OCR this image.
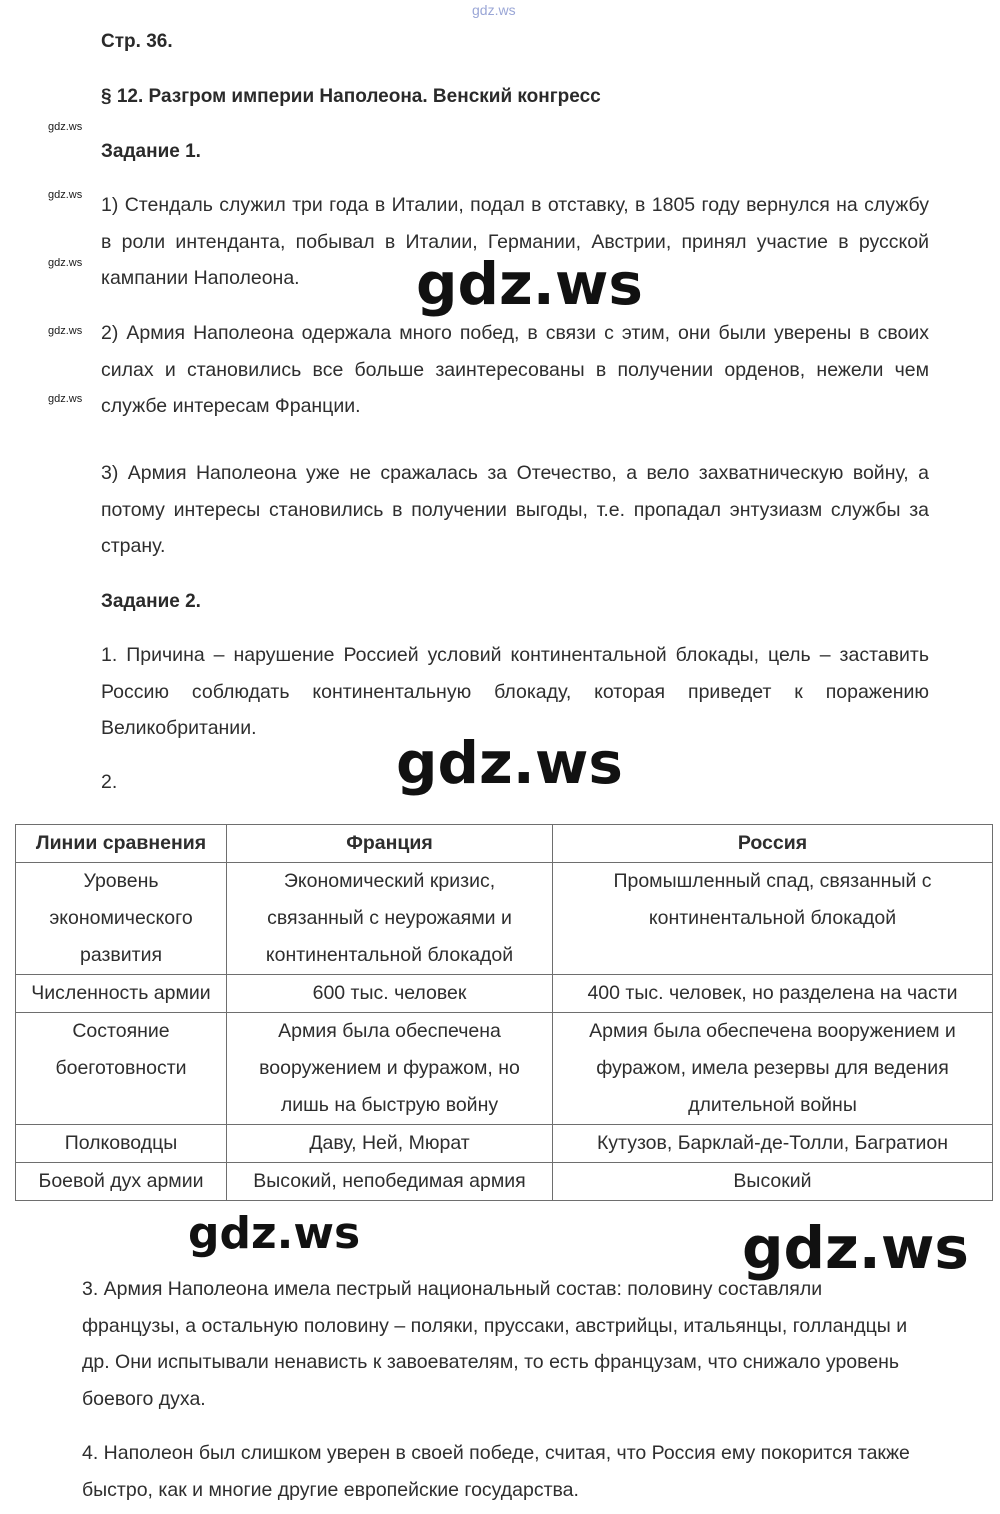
gdz.ws
gdz.ws
gdz.ws
gdz.ws
gdz.ws
gdz.ws
Стр. 36.
§ 12. Разгром империи Наполеона. Венский конгресс
Задание 1.
1) Стендаль служил три года в Италии, подал в отставку, в 1805 году вернулся на службу в роли интенданта, побывал в Италии, Германии, Австрии, принял участие в русской кампании Наполеона.
2) Армия Наполеона одержала много побед, в связи с этим, они были уверены в своих силах и становились все больше заинтересованы в получении орденов, нежели чем службе интересам Франции.
3) Армия Наполеона уже не сражалась за Отечество, а вело захватническую войну, а потому интересы становились в получении выгоды, т.е. пропадал энтузиазм службы за страну.
Задание 2.
1. Причина – нарушение Россией условий континентальной блокады, цель – заставить Россию соблюдать континентальную блокаду, которая приведет к поражению Великобритании.
2.
Линии сравнения	Франция	Россия
Уровень экономического развития	Экономический кризис, связанный с неурожаями и континентальной блокадой	Промышленный спад, связанный с континентальной блокадой
Численность армии	600 тыс. человек	400 тыс. человек, но разделена на части
Состояние боеготовности	Армия была обеспечена вооружением и фуражом, но лишь на быструю войну	Армия была обеспечена вооружением и фуражом, имела резервы для ведения длительной войны
Полководцы	Даву, Ней, Мюрат	Кутузов, Барклай-де-Толли, Багратион
Боевой дух армии	Высокий, непобедимая армия	Высокий
3. Армия Наполеона имела пестрый национальный состав: половину составляли французы, а остальную половину – поляки, пруссаки, австрийцы, итальянцы, голландцы и др. Они испытывали ненависть к завоевателям, то есть французам, что снижало уровень боевого духа.
4. Наполеон был слишком уверен в своей победе, считая, что Россия ему покорится также быстро, как и многие другие европейские государства.
gdz.ws
gdz.ws
gdz.ws	gdz.ws
